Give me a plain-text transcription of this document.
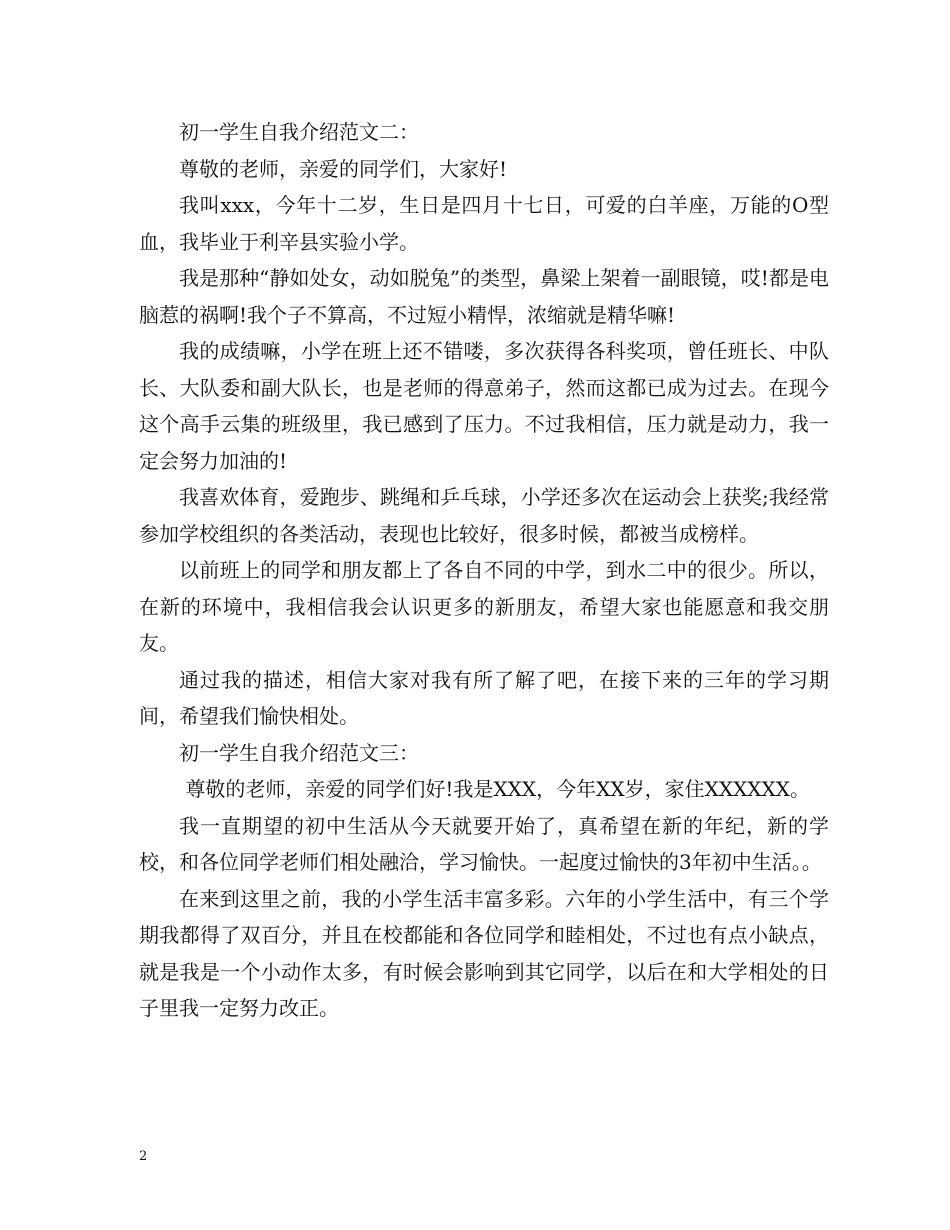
初一学生自我介绍范文二：

尊敬的老师，亲爱的同学们，大家好!

我叫xxx，今年十二岁，生日是四月十七日，可爱的白羊座，万能的O型血，我毕业于利辛县实验小学。

我是那种“静如处女，动如脱兔”的类型，鼻梁上架着一副眼镜，哎!都是电脑惹的祸啊!我个子不算高，不过短小精悍，浓缩就是精华嘛!

我的成绩嘛，小学在班上还不错喽，多次获得各科奖项，曾任班长、中队长、大队委和副大队长，也是老师的得意弟子，然而这都已成为过去。在现今这个高手云集的班级里，我已感到了压力。不过我相信，压力就是动力，我一定会努力加油的!

我喜欢体育，爱跑步、跳绳和乒乓球，小学还多次在运动会上获奖;我经常参加学校组织的各类活动，表现也比较好，很多时候，都被当成榜样。

以前班上的同学和朋友都上了各自不同的中学，到水二中的很少。所以，在新的环境中，我相信我会认识更多的新朋友，希望大家也能愿意和我交朋友。

通过我的描述，相信大家对我有所了解了吧，在接下来的三年的学习期间，希望我们愉快相处。

初一学生自我介绍范文三：

尊敬的老师，亲爱的同学们好!我是XXX，今年XX岁，家住XXXXXX。

我一直期望的初中生活从今天就要开始了，真希望在新的年纪，新的学校，和各位同学老师们相处融洽，学习愉快。一起度过愉快的3年初中生活。。

在来到这里之前，我的小学生活丰富多彩。六年的小学生活中，有三个学期我都得了双百分，并且在校都能和各位同学和睦相处，不过也有点小缺点，就是我是一个小动作太多，有时候会影响到其它同学，以后在和大学相处的日子里我一定努力改正。

2
